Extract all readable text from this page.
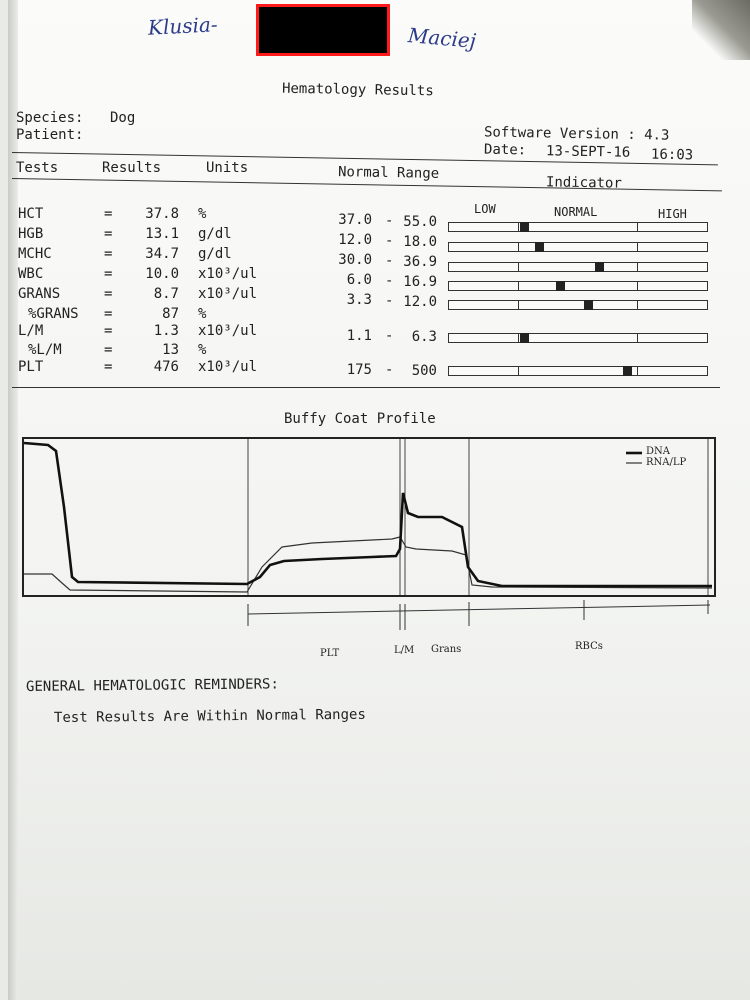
Klusia-	Maciej
Hematology Results
Species: Dog
Patient:	Software Version : 4.3
Date: 13-SEPT-16 16:03
Tests	Results	Units	Normal Range
Indicator
LOW	NORMAL	HIGH
HCT	=	37.8 %	37.0 - 55.0
HGB	=	13.1 g/dl	12.0 - 18.0
MCHC	=	34.7 g/dl	30.0 - 36.9
WBC	=	10.0 x10³/ul	6.0 - 16.9
GRANS	=	8.7 x10³/ul	3.3 - 12.0
%GRANS =	87 %
L/M	=	1.3 x10³/ul	1.1 -	6.3
%L/M	=	13 %
PLT	=	476 x10³/ul	175 -	500
Buffy Coat Profile
DNA
RNA/LP
PLT	L/M Grans	RBCs
GENERAL HEMATOLOGIC REMINDERS:
Test Results Are Within Normal Ranges
